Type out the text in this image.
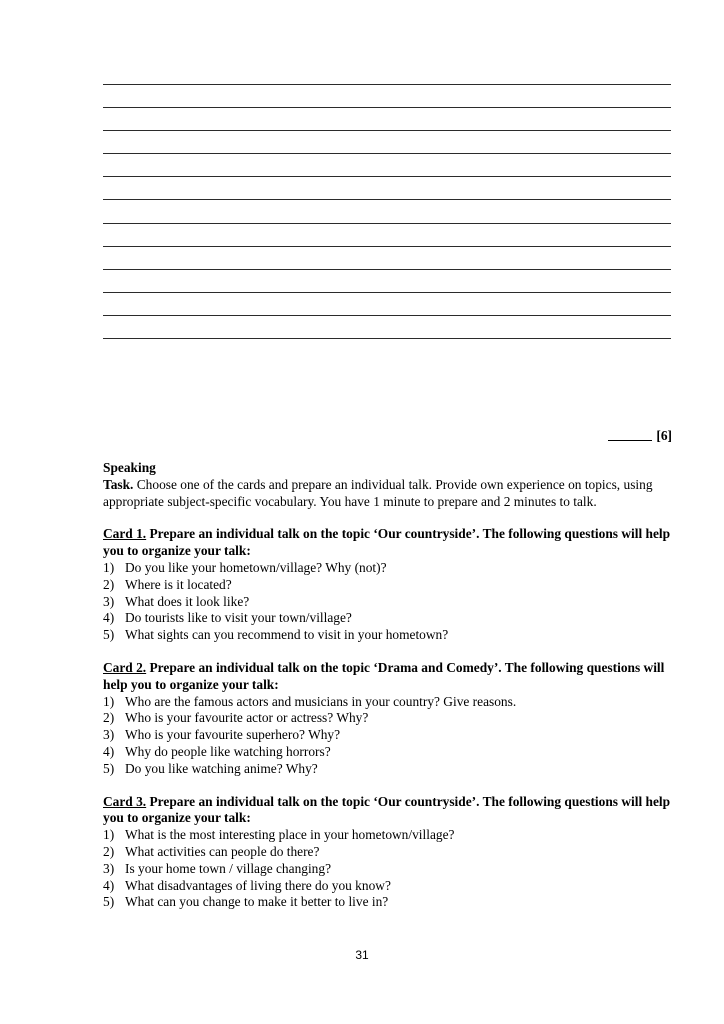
[6]
Speaking
Task. Choose one of the cards and prepare an individual talk. Provide own experience on topics, using appropriate subject-specific vocabulary. You have 1 minute to prepare and 2 minutes to talk.
Card 1. Prepare an individual talk on the topic ‘Our countryside’. The following questions will help you to organize your talk:
1) Do you like your hometown/village? Why (not)?
2) Where is it located?
3) What does it look like?
4) Do tourists like to visit your town/village?
5) What sights can you recommend to visit in your hometown?
Card 2. Prepare an individual talk on the topic ‘Drama and Comedy’. The following questions will help you to organize your talk:
1) Who are the famous actors and musicians in your country? Give reasons.
2) Who is your favourite actor or actress? Why?
3) Who is your favourite superhero? Why?
4) Why do people like watching horrors?
5) Do you like watching anime? Why?
Card 3. Prepare an individual talk on the topic ‘Our countryside’. The following questions will help you to organize your talk:
1) What is the most interesting place in your hometown/village?
2) What activities can people do there?
3) Is your home town / village changing?
4) What disadvantages of living there do you know?
5) What can you change to make it better to live in?
31
